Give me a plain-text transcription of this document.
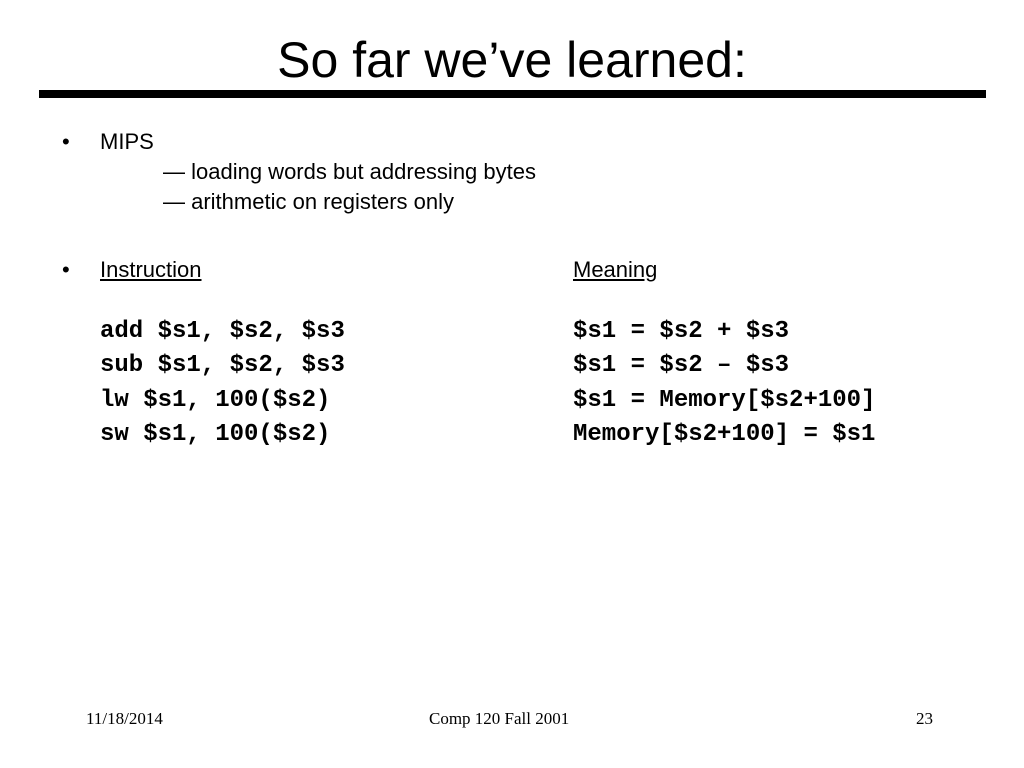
So far we’ve learned:
• MIPS
— loading words but addressing bytes
— arithmetic on registers only
• Instruction	Meaning
add $s1, $s2, $s3	$s1 = $s2 + $s3
sub $s1, $s2, $s3	$s1 = $s2 – $s3
lw $s1, 100($s2)	$s1 = Memory[$s2+100]
sw $s1, 100($s2)	Memory[$s2+100] = $s1
11/18/2014	Comp 120 Fall 2001	23
